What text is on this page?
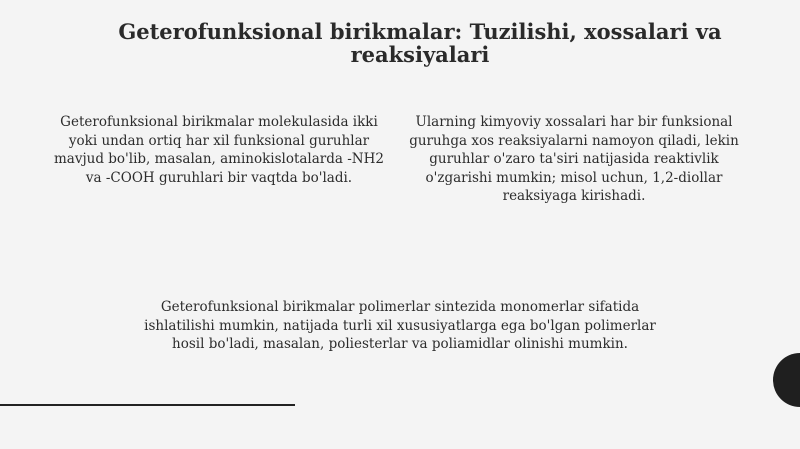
Geterofunksional birikmalar: Tuzilishi, xossalari va reaksiyalari

Geterofunksional birikmalar molekulasida ikki yoki undan ortiq har xil funksional guruhlar mavjud bo'lib, masalan, aminokislotalarda -NH2 va -COOH guruhlari bir vaqtda bo'ladi.

Ularning kimyoviy xossalari har bir funksional guruhga xos reaksiyalarni namoyon qiladi, lekin guruhlar o'zaro ta'siri natijasida reaktivlik o'zgarishi mumkin; misol uchun, 1,2-diollar reaksiyaga kirishadi.

Geterofunksional birikmalar polimerlar sintezida monomerlar sifatida ishlatilishi mumkin, natijada turli xil xususiyatlarga ega bo'lgan polimerlar hosil bo'ladi, masalan, poliesterlar va poliamidlar olinishi mumkin.
